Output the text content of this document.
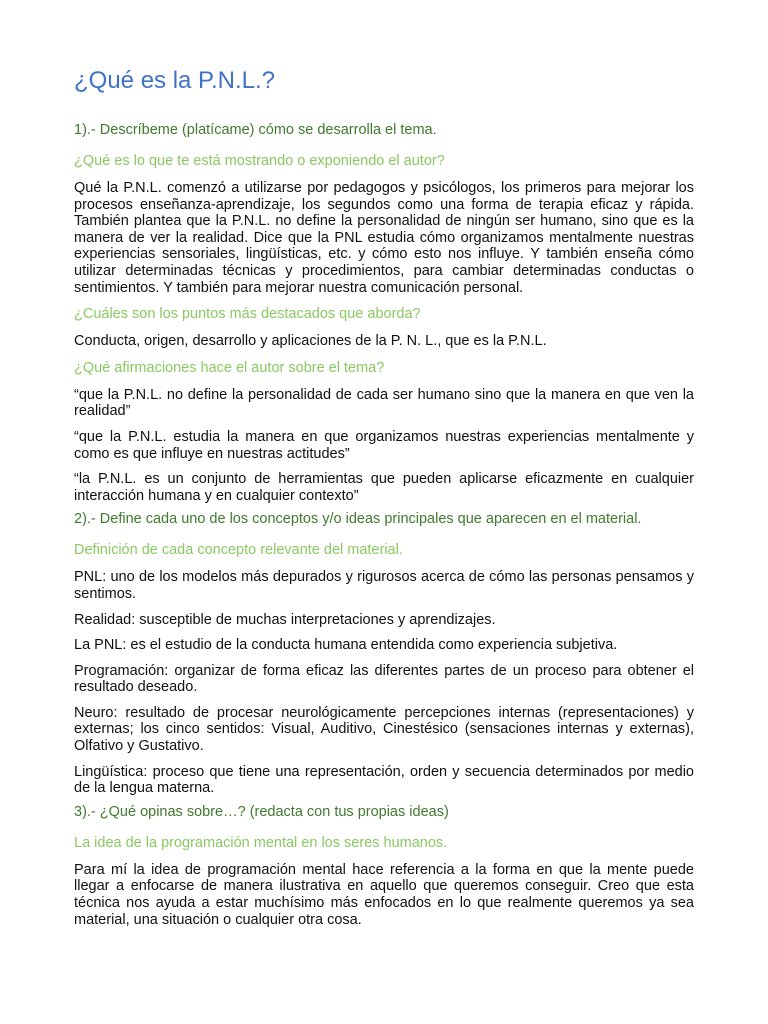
¿Qué es la P.N.L.?
1).- Descríbeme (platícame) cómo se desarrolla el tema.
¿Qué es lo que te está mostrando o exponiendo el autor?

Qué la P.N.L. comenzó a utilizarse por pedagogos y psicólogos, los primeros para mejorar los procesos enseñanza-aprendizaje, los segundos como una forma de terapia eficaz y rápida. También plantea que la P.N.L. no define la personalidad de ningún ser humano, sino que es la manera de ver la realidad. Dice que la PNL estudia cómo organizamos mentalmente nuestras experiencias sensoriales, lingüísticas, etc. y cómo esto nos influye. Y también enseña cómo utilizar determinadas técnicas y procedimientos, para cambiar determinadas conductas o sentimientos. Y también para mejorar nuestra comunicación personal.

¿Cuáles son los puntos más destacados que aborda?

Conducta, origen, desarrollo y aplicaciones de la P. N. L., que es la P.N.L.

¿Qué afirmaciones hace el autor sobre el tema?

“que la P.N.L. no define la personalidad de cada ser humano sino que la manera en que ven la realidad”

“que la P.N.L. estudia la manera en que organizamos nuestras experiencias mentalmente y como es que influye en nuestras actitudes”

“la P.N.L. es un conjunto de herramientas que pueden aplicarse eficazmente en cualquier interacción humana y en cualquier contexto”

2).- Define cada uno de los conceptos y/o ideas principales que aparecen en el material.
Definición de cada concepto relevante del material.

PNL: uno de los modelos más depurados y rigurosos acerca de cómo las personas pensamos y sentimos.

Realidad: susceptible de muchas interpretaciones y aprendizajes.

La PNL: es el estudio de la conducta humana entendida como experiencia subjetiva.

Programación: organizar de forma eficaz las diferentes partes de un proceso para obtener el resultado deseado.

Neuro: resultado de procesar neurológicamente percepciones internas (representaciones) y externas; los cinco sentidos: Visual, Auditivo, Cinestésico (sensaciones internas y externas), Olfativo y Gustativo.

Lingüística: proceso que tiene una representación, orden y secuencia determinados por medio de la lengua materna.

3).- ¿Qué opinas sobre…? (redacta con tus propias ideas)
La idea de la programación mental en los seres humanos.

Para mí la idea de programación mental hace referencia a la forma en que la mente puede llegar a enfocarse de manera ilustrativa en aquello que queremos conseguir. Creo que esta técnica nos ayuda a estar muchísimo más enfocados en lo que realmente queremos ya sea material, una situación o cualquier otra cosa.
